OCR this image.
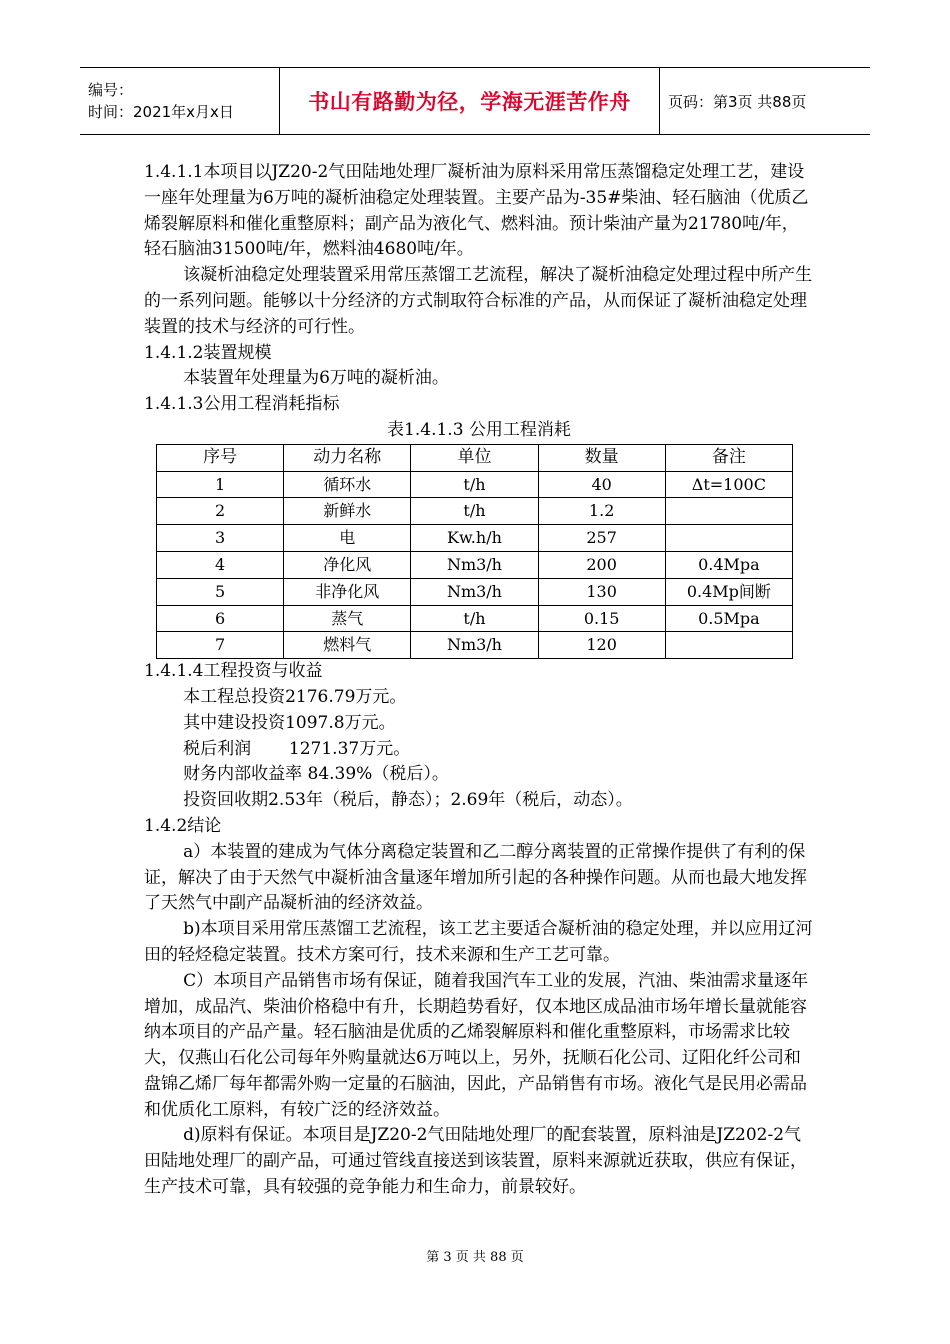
编号：
时间：2021年x月x日	书山有路勤为径，学海无涯苦作舟	页码：第3页 共88页

1.4.1.1本项目以JZ20-2气田陆地处理厂凝析油为原料采用常压蒸馏稳定处理工艺，建设一座年处理量为6万吨的凝析油稳定处理装置。主要产品为-35#柴油、轻石脑油（优质乙烯裂解原料和催化重整原料；副产品为液化气、燃料油。预计柴油产量为21780吨/年，轻石脑油31500吨/年，燃料油4680吨/年。

该凝析油稳定处理装置采用常压蒸馏工艺流程，解决了凝析油稳定处理过程中所产生的一系列问题。能够以十分经济的方式制取符合标准的产品，从而保证了凝析油稳定处理装置的技术与经济的可行性。

1.4.1.2装置规模

本装置年处理量为6万吨的凝析油。

1.4.1.3公用工程消耗指标

表1.4.1.3 公用工程消耗

序号	动力名称	单位	数量	备注
1	循环水	t/h	40	Δt=100C
2	新鲜水	t/h	1.2	
3	电	Kw.h/h	257	
4	净化风	Nm3/h	200	0.4Mpa
5	非净化风	Nm3/h	130	0.4Mp间断
6	蒸气	t/h	0.15	0.5Mpa
7	燃料气	Nm3/h	120	

1.4.1.4工程投资与收益

本工程总投资2176.79万元。

其中建设投资1097.8万元。

税后利润       1271.37万元。

财务内部收益率 84.39%（税后）。

投资回收期2.53年（税后，静态）；2.69年（税后，动态）。

1.4.2结论

a）本装置的建成为气体分离稳定装置和乙二醇分离装置的正常操作提供了有利的保证，解决了由于天然气中凝析油含量逐年增加所引起的各种操作问题。从而也最大地发挥了天然气中副产品凝析油的经济效益。

b)本项目采用常压蒸馏工艺流程，该工艺主要适合凝析油的稳定处理，并以应用辽河田的轻烃稳定装置。技术方案可行，技术来源和生产工艺可靠。

C）本项目产品销售市场有保证，随着我国汽车工业的发展，汽油、柴油需求量逐年增加，成品汽、柴油价格稳中有升，长期趋势看好，仅本地区成品油市场年增长量就能容纳本项目的产品产量。轻石脑油是优质的乙烯裂解原料和催化重整原料，市场需求比较大，仅燕山石化公司每年外购量就达6万吨以上，另外，抚顺石化公司、辽阳化纤公司和盘锦乙烯厂每年都需外购一定量的石脑油，因此，产品销售有市场。液化气是民用必需品和优质化工原料，有较广泛的经济效益。

d)原料有保证。本项目是JZ20-2气田陆地处理厂的配套装置，原料油是JZ202-2气田陆地处理厂的副产品，可通过管线直接送到该装置，原料来源就近获取，供应有保证，生产技术可靠，具有较强的竞争能力和生命力，前景较好。

第 3 页 共 88 页
